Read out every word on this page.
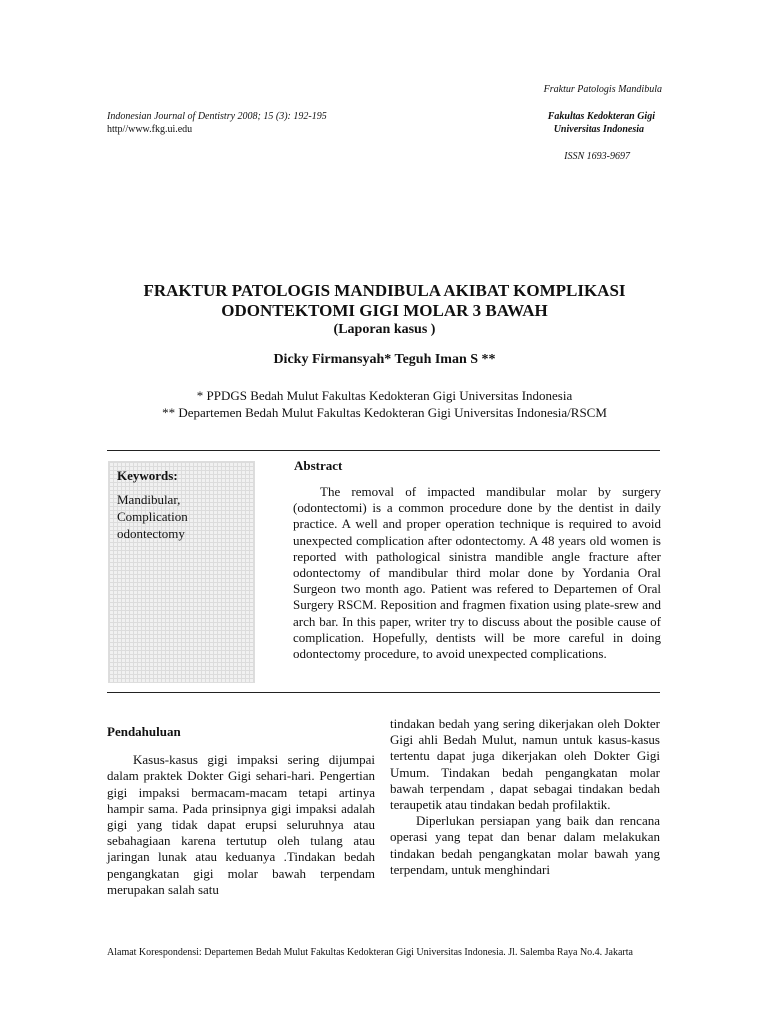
Fraktur Patologis Mandibula
Indonesian Journal of Dentistry 2008; 15 (3): 192-195
http//www.fkg.ui.edu
Fakultas Kedokteran Gigi
Universitas Indonesia
ISSN 1693-9697
FRAKTUR PATOLOGIS MANDIBULA AKIBAT KOMPLIKASI
ODONTEKTOMI GIGI MOLAR 3 BAWAH
(Laporan kasus )
Dicky Firmansyah* Teguh Iman S **
* PPDGS Bedah Mulut Fakultas Kedokteran Gigi Universitas Indonesia
** Departemen Bedah Mulut Fakultas Kedokteran Gigi Universitas Indonesia/RSCM
Keywords:
Mandibular,
Complication
odontectomy
Abstract
The removal of impacted mandibular molar by surgery (odontectomi) is a common procedure done by the dentist in daily practice. A well and proper operation technique is required to avoid unexpected complication after odontectomy. A 48 years old women is reported with pathological sinistra mandible angle fracture after odontectomy of mandibular third molar done by Yordania Oral Surgeon two month ago. Patient was refered to Departemen of Oral Surgery RSCM. Reposition and fragmen fixation using plate-srew and arch bar. In this paper, writer try to discuss about the posible cause of complication. Hopefully, dentists will be more careful in doing odontectomy procedure, to avoid unexpected complications.
Pendahuluan

Kasus-kasus gigi impaksi sering dijumpai dalam praktek Dokter Gigi sehari-hari. Pengertian gigi impaksi bermacam-macam tetapi artinya hampir sama. Pada prinsipnya gigi impaksi adalah gigi yang tidak dapat erupsi seluruhnya atau sebahagiaan karena tertutup oleh tulang atau jaringan lunak atau keduanya .Tindakan bedah pengangkatan gigi molar bawah terpendam merupakan salah satu

tindakan bedah yang sering dikerjakan oleh Dokter Gigi ahli Bedah Mulut, namun untuk kasus-kasus tertentu dapat juga dikerjakan oleh Dokter Gigi Umum. Tindakan bedah pengangkatan molar bawah terpendam , dapat sebagai tindakan bedah teraupetik atau tindakan bedah profilaktik.

Diperlukan persiapan yang baik dan rencana operasi yang tepat dan benar dalam melakukan tindakan bedah pengangkatan molar bawah yang terpendam, untuk menghindari

Alamat Korespondensi: Departemen Bedah Mulut Fakultas Kedokteran Gigi Universitas Indonesia. Jl. Salemba Raya No.4. Jakarta
